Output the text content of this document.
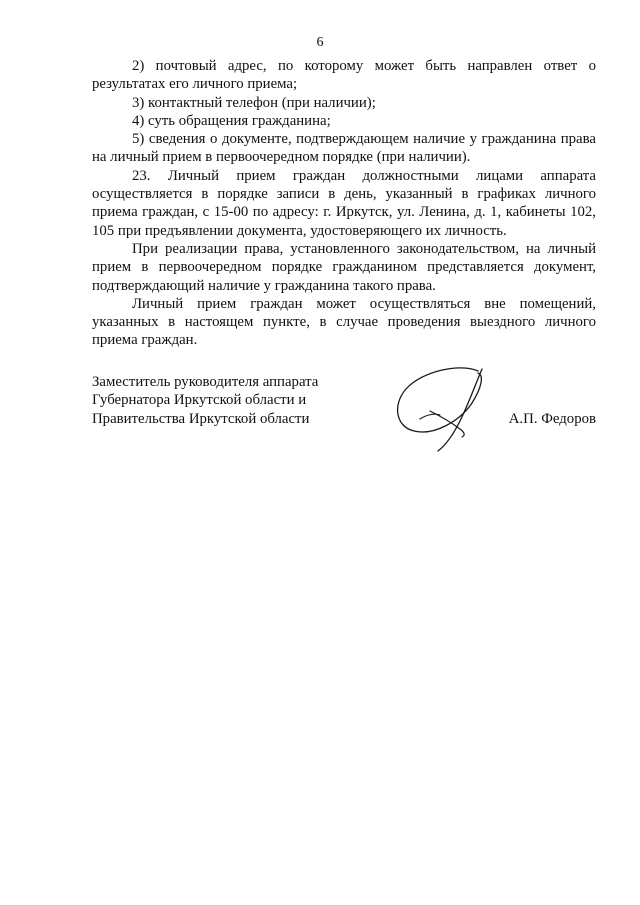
6

2) почтовый адрес, по которому может быть направлен ответ о результатах его личного приема;

3) контактный телефон (при наличии);

4) суть обращения гражданина;

5) сведения о документе, подтверждающем наличие у гражданина права на личный прием в первоочередном порядке (при наличии).

23. Личный прием граждан должностными лицами аппарата осуществляется в порядке записи в день, указанный в графиках личного приема граждан, с 15-00 по адресу: г. Иркутск, ул. Ленина, д. 1, кабинеты 102, 105 при предъявлении документа, удостоверяющего их личность.

При реализации права, установленного законодательством, на личный прием в первоочередном порядке гражданином представляется документ, подтверждающий наличие у гражданина такого права.

Личный прием граждан может осуществляться вне помещений, указанных в настоящем пункте, в случае проведения выездного личного приема граждан.

Заместитель руководителя аппарата
Губернатора Иркутской области и
Правительства Иркутской области	А.П. Федоров
